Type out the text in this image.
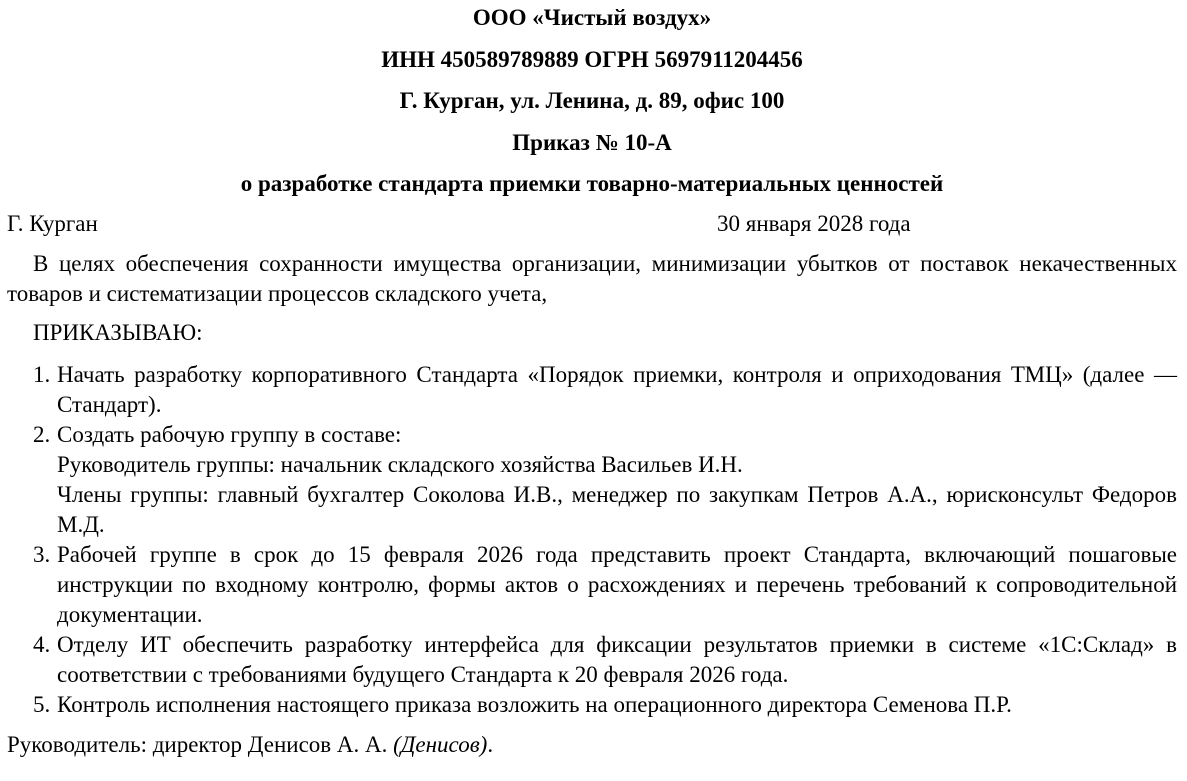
ООО «Чистый воздух»

ИНН 450589789889 ОГРН 5697911204456

Г. Курган, ул. Ленина, д. 89, офис 100

Приказ № 10-А

о разработке стандарта приемки товарно-материальных ценностей

Г. Курган	30 января 2028 года
В целях обеспечения сохранности имущества организации, минимизации убытков от поставок некачественных товаров и систематизации процессов складского учета,
ПРИКАЗЫВАЮ:
1. Начать разработку корпоративного Стандарта «Порядок приемки, контроля и оприходования ТМЦ» (далее — Стандарт).
2. Создать рабочую группу в составе:
Руководитель группы: начальник складского хозяйства Васильев И.Н.
Члены группы: главный бухгалтер Соколова И.В., менеджер по закупкам Петров А.А., юрисконсульт Федоров М.Д.
3. Рабочей группе в срок до 15 февраля 2026 года представить проект Стандарта, включающий пошаговые инструкции по входному контролю, формы актов о расхождениях и перечень требований к сопроводительной документации.
4. Отделу ИТ обеспечить разработку интерфейса для фиксации результатов приемки в системе «1С:Склад» в соответствии с требованиями будущего Стандарта к 20 февраля 2026 года.
5. Контроль исполнения настоящего приказа возложить на операционного директора Семенова П.Р.
Руководитель: директор Денисов А. А. (Денисов).
